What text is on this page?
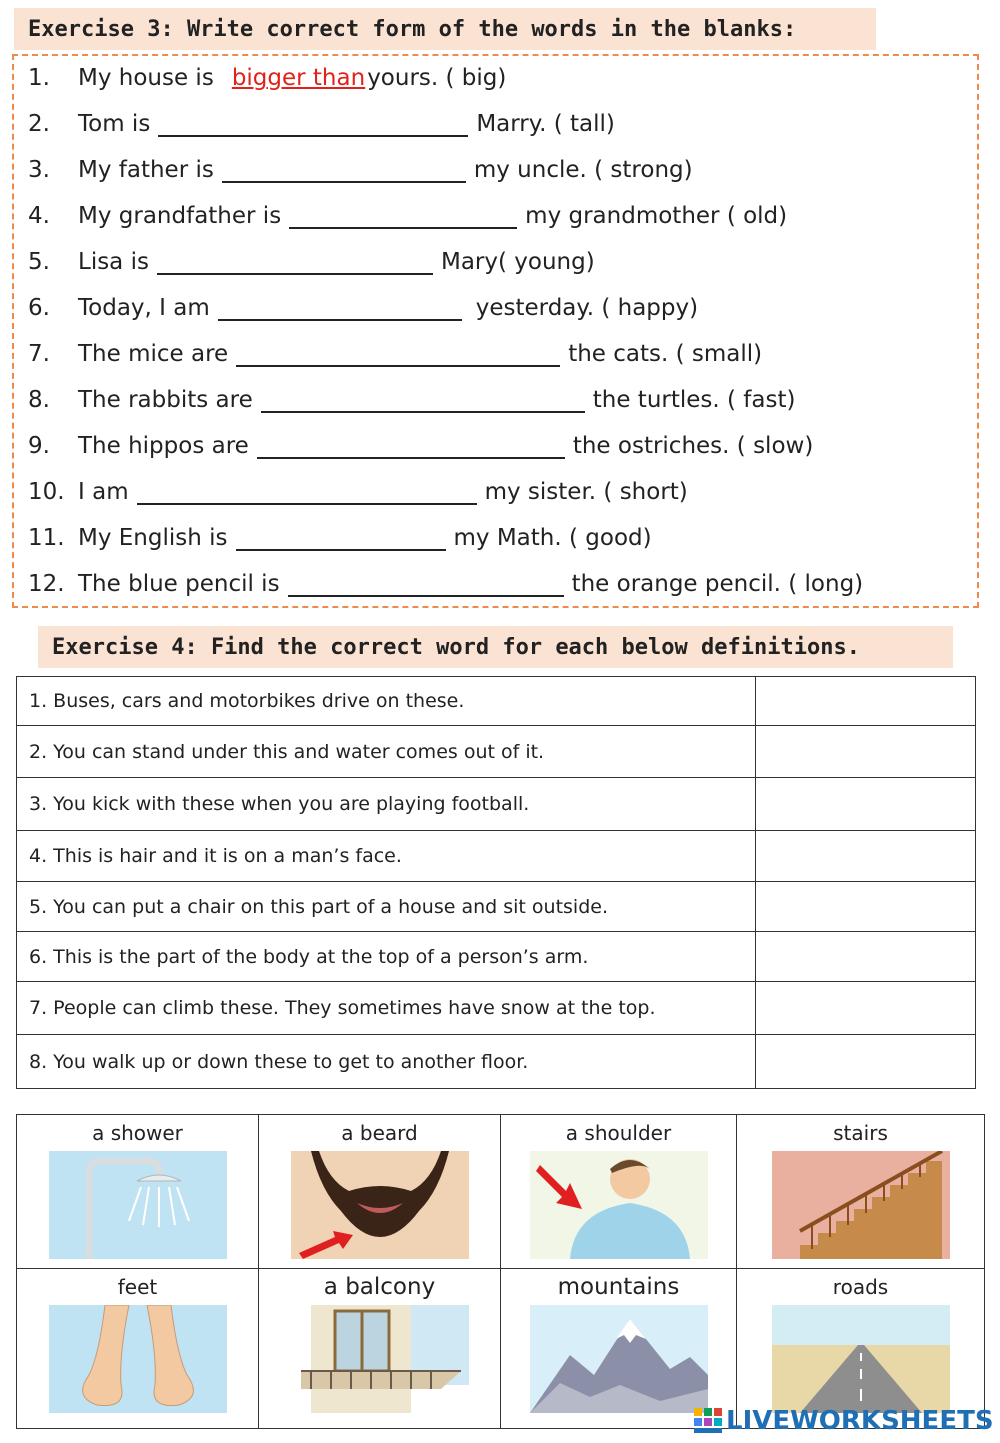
Exercise 3: Write correct form of the words in the blanks:
1.	My house is bigger than yours. ( big)
2.	Tom is	Marry. ( tall)
3.	My father is	my uncle. ( strong)
4.	My grandfather is	my grandmother ( old)
5.	Lisa is	Mary( young)
6.	Today, I am	yesterday. ( happy)
7.	The mice are	the cats. ( small)
8.	The rabbits are	the turtles. ( fast)
9.	The hippos are	the ostriches. ( slow)
10. I am	my sister. ( short)
11. My English is	my Math. ( good)
12. The blue pencil is	the orange pencil. ( long)
Exercise 4: Find the correct word for each below definitions.
1. Buses, cars and motorbikes drive on these.	
2. You can stand under this and water comes out of it.	
3. You kick with these when you are playing football.	
4. This is hair and it is on a man’s face.	
5. You can put a chair on this part of a house and sit outside.	
6. This is the part of the body at the top of a person’s arm.	
7. People can climb these. They sometimes have snow at the top.	
8. You walk up or down these to get to another floor.	
a shower	a beard	a shoulder	stairs

feet	a balcony	mountains	roads
LIVEWORKSHEETS
